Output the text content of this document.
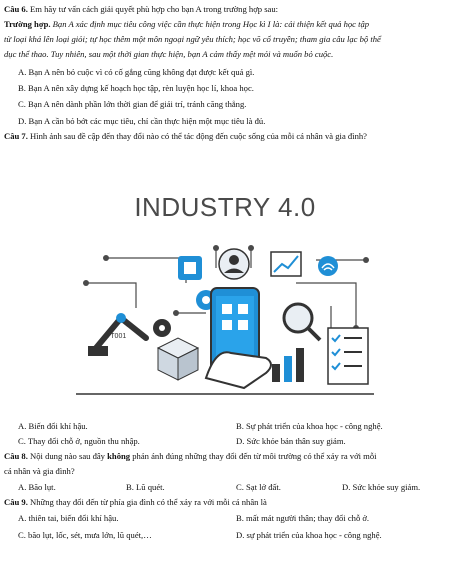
Câu 6. Em hãy tư vấn cách giải quyết phù hợp cho bạn A trong trường hợp sau:
Trường hợp. Bạn A xác định mục tiêu công việc cần thực hiện trong Học kì I là: cải thiện kết quả học tập
từ loại khá lên loại giỏi; tự học thêm một môn ngoại ngữ yêu thích; học võ cổ truyền; tham gia câu lạc bộ thể
dục thể thao. Tuy nhiên, sau một thời gian thực hiện, bạn A cảm thấy mệt mỏi và muốn bỏ cuộc.
A. Bạn A nên bỏ cuộc vì có cố gắng cũng không đạt được kết quả gì.
B. Bạn A nên xây dựng kế hoạch học tập, rèn luyện học lí, khoa học.
C. Bạn A nên dành phần lớn thời gian để giải trí, tránh căng thẳng.
D. Bạn A cần bỏ bớt các mục tiêu, chỉ cần thực hiện một mục tiêu là đủ.
Câu 7. Hình ảnh sau đề cập đến thay đổi nào có thể tác động đến cuộc sống của mỗi cá nhân và gia đình?
INDUSTRY 4.0
TT001
A. Biến đổi khí hậu.	B. Sự phát triển của khoa học - công nghệ.
C. Thay đổi chỗ ở, nguồn thu nhập.	D. Sức khỏe bản thân suy giảm.
Câu 8. Nội dung nào sau đây không phản ánh đúng những thay đổi đến từ môi trường có thể xảy ra với mỗi
cá nhân và gia đình?
A. Bão lụt.	B. Lũ quét.	C. Sạt lở đất.	D. Sức khỏe suy giảm.
Câu 9. Những thay đổi đến từ phía gia đình có thể xảy ra với mỗi cá nhân là
A. thiên tai, biến đổi khí hậu.	B. mất mát người thân; thay đổi chỗ ở.
C. bão lụt, lốc, sét, mưa lớn, lũ quét,…	D. sự phát triển của khoa học - công nghệ.
